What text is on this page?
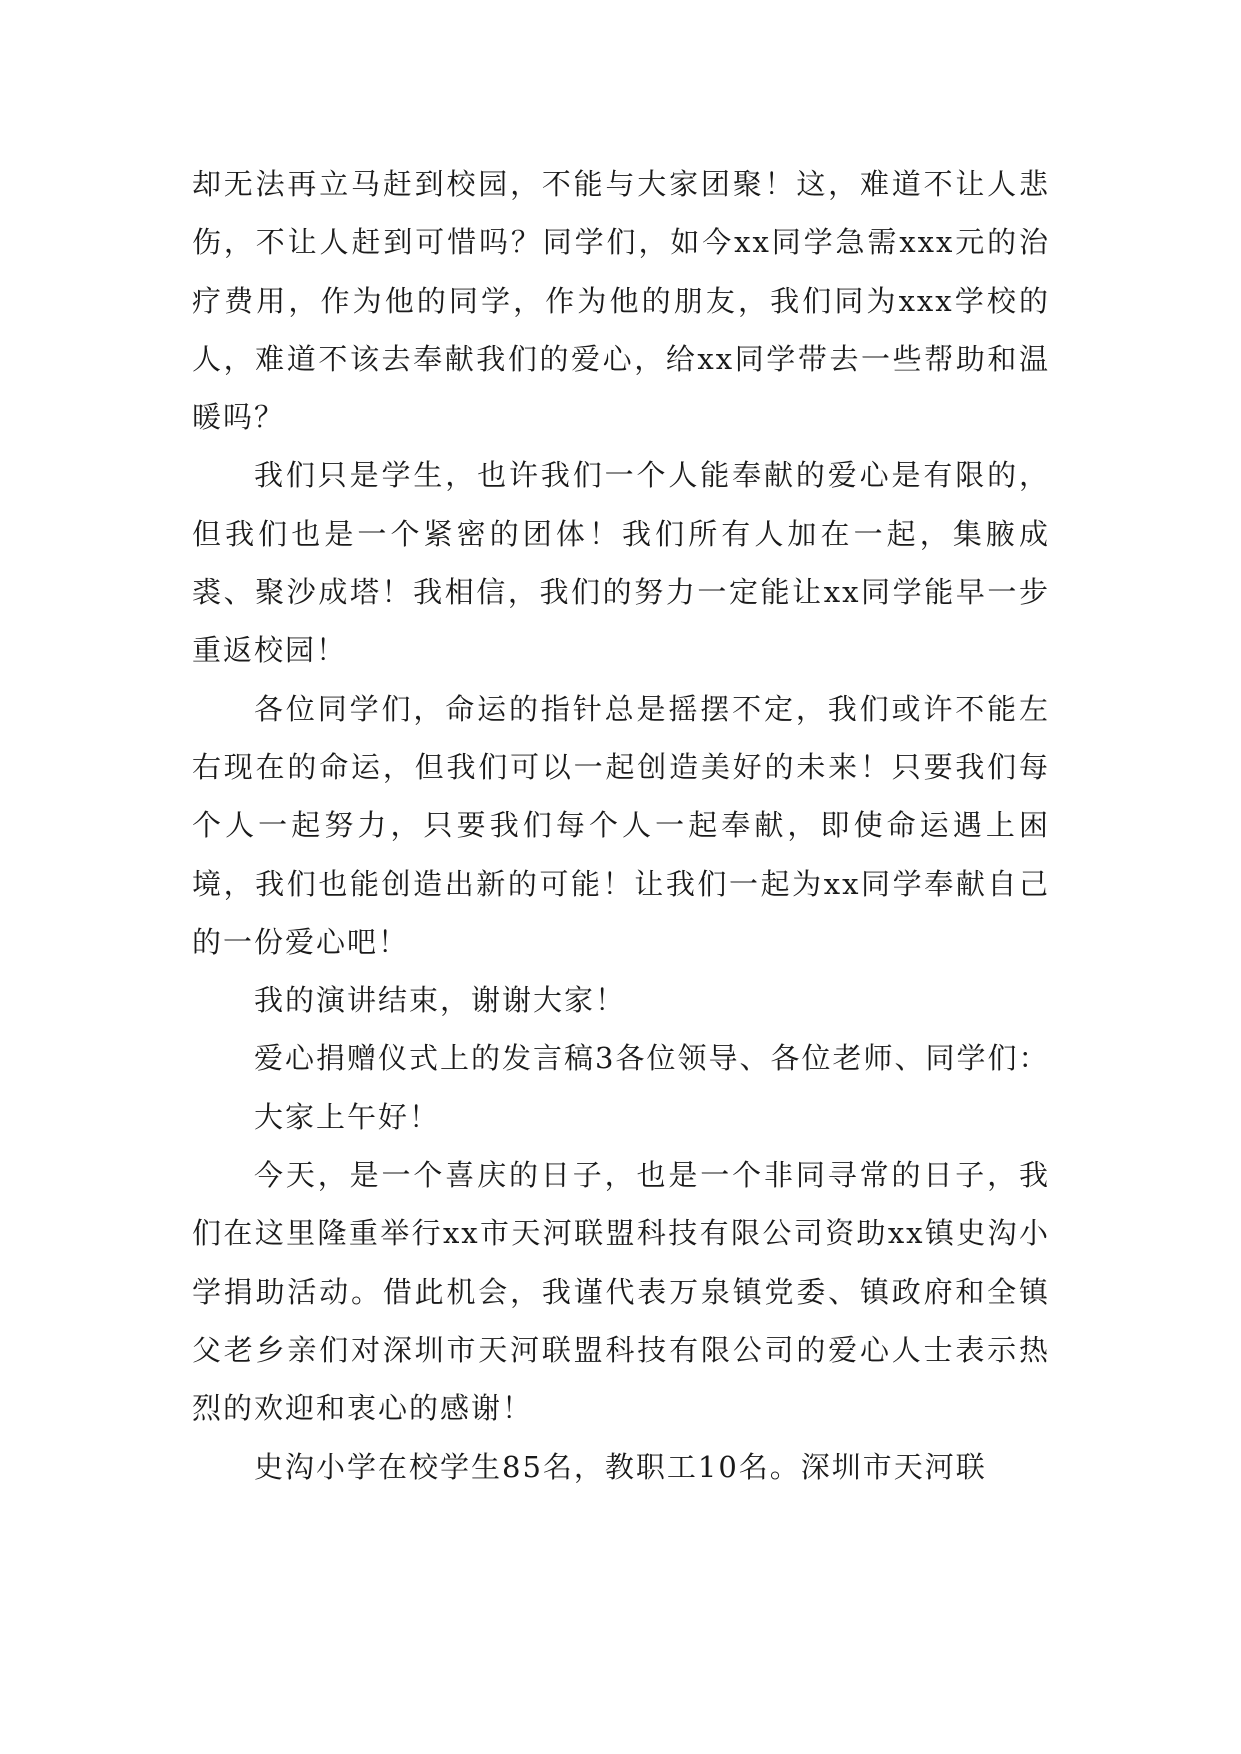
却无法再立马赶到校园，不能与大家团聚！这，难道不让人悲伤，不让人赶到可惜吗？同学们，如今xx同学急需xxx元的治疗费用，作为他的同学，作为他的朋友，我们同为xxx学校的人，难道不该去奉献我们的爱心，给xx同学带去一些帮助和温暖吗？

我们只是学生，也许我们一个人能奉献的爱心是有限的，但我们也是一个紧密的团体！我们所有人加在一起，集腋成裘、聚沙成塔！我相信，我们的努力一定能让xx同学能早一步重返校园！

各位同学们，命运的指针总是摇摆不定，我们或许不能左右现在的命运，但我们可以一起创造美好的未来！只要我们每个人一起努力，只要我们每个人一起奉献，即使命运遇上困境，我们也能创造出新的可能！让我们一起为xx同学奉献自己的一份爱心吧！

我的演讲结束，谢谢大家！

爱心捐赠仪式上的发言稿3各位领导、各位老师、同学们：

大家上午好！

今天，是一个喜庆的日子，也是一个非同寻常的日子，我们在这里隆重举行xx市天河联盟科技有限公司资助xx镇史沟小学捐助活动。借此机会，我谨代表万泉镇党委、镇政府和全镇父老乡亲们对深圳市天河联盟科技有限公司的爱心人士表示热烈的欢迎和衷心的感谢！

史沟小学在校学生85名，教职工10名。深圳市天河联
